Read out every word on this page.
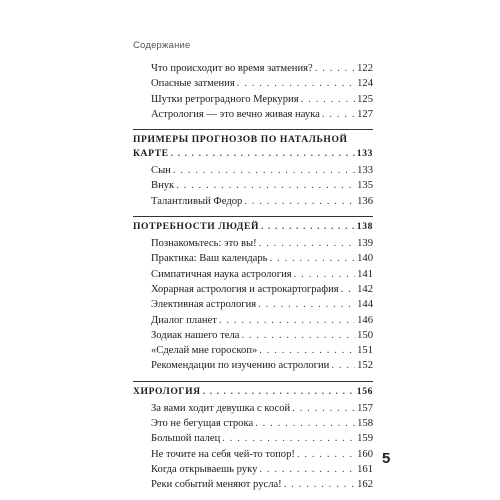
Содержание
Что происходит во время затмения? . . .	122
Опасные затмения . . .	124
Шутки ретроградного Меркурия . . .	125
Астрология — это вечно живая наука . . .	127
ПРИМЕРЫ ПРОГНОЗОВ ПО НАТАЛЬНОЙ
КАРТЕ . . .	133
Сын . . .	133
Внук . . .	135
Талантливый Федор . . .	136
ПОТРЕБНОСТИ ЛЮДЕЙ . . .	138
Познакомьтесь: это вы! . . .	139
Практика: Ваш календарь . . .	140
Симпатичная наука астрология . . .	141
Хорарная астрология и астрокартография . . . 142
Элективная астрология . . .	144
Диалог планет . . .	146
Зодиак нашего тела . . .	150
«Сделай мне гороскоп» . . .	151
Рекомендации по изучению астрологии . . .	152
ХИРОЛОГИЯ . . .	156
За вами ходит девушка с косой . . .	157
Это не бегущая строка . . .	158
Большой палец . . .	159
Не точите на себя чей-то топор! . . .	160
Когда открываешь руку . . .	161
Реки событий меняют русла! . . .	162
5
